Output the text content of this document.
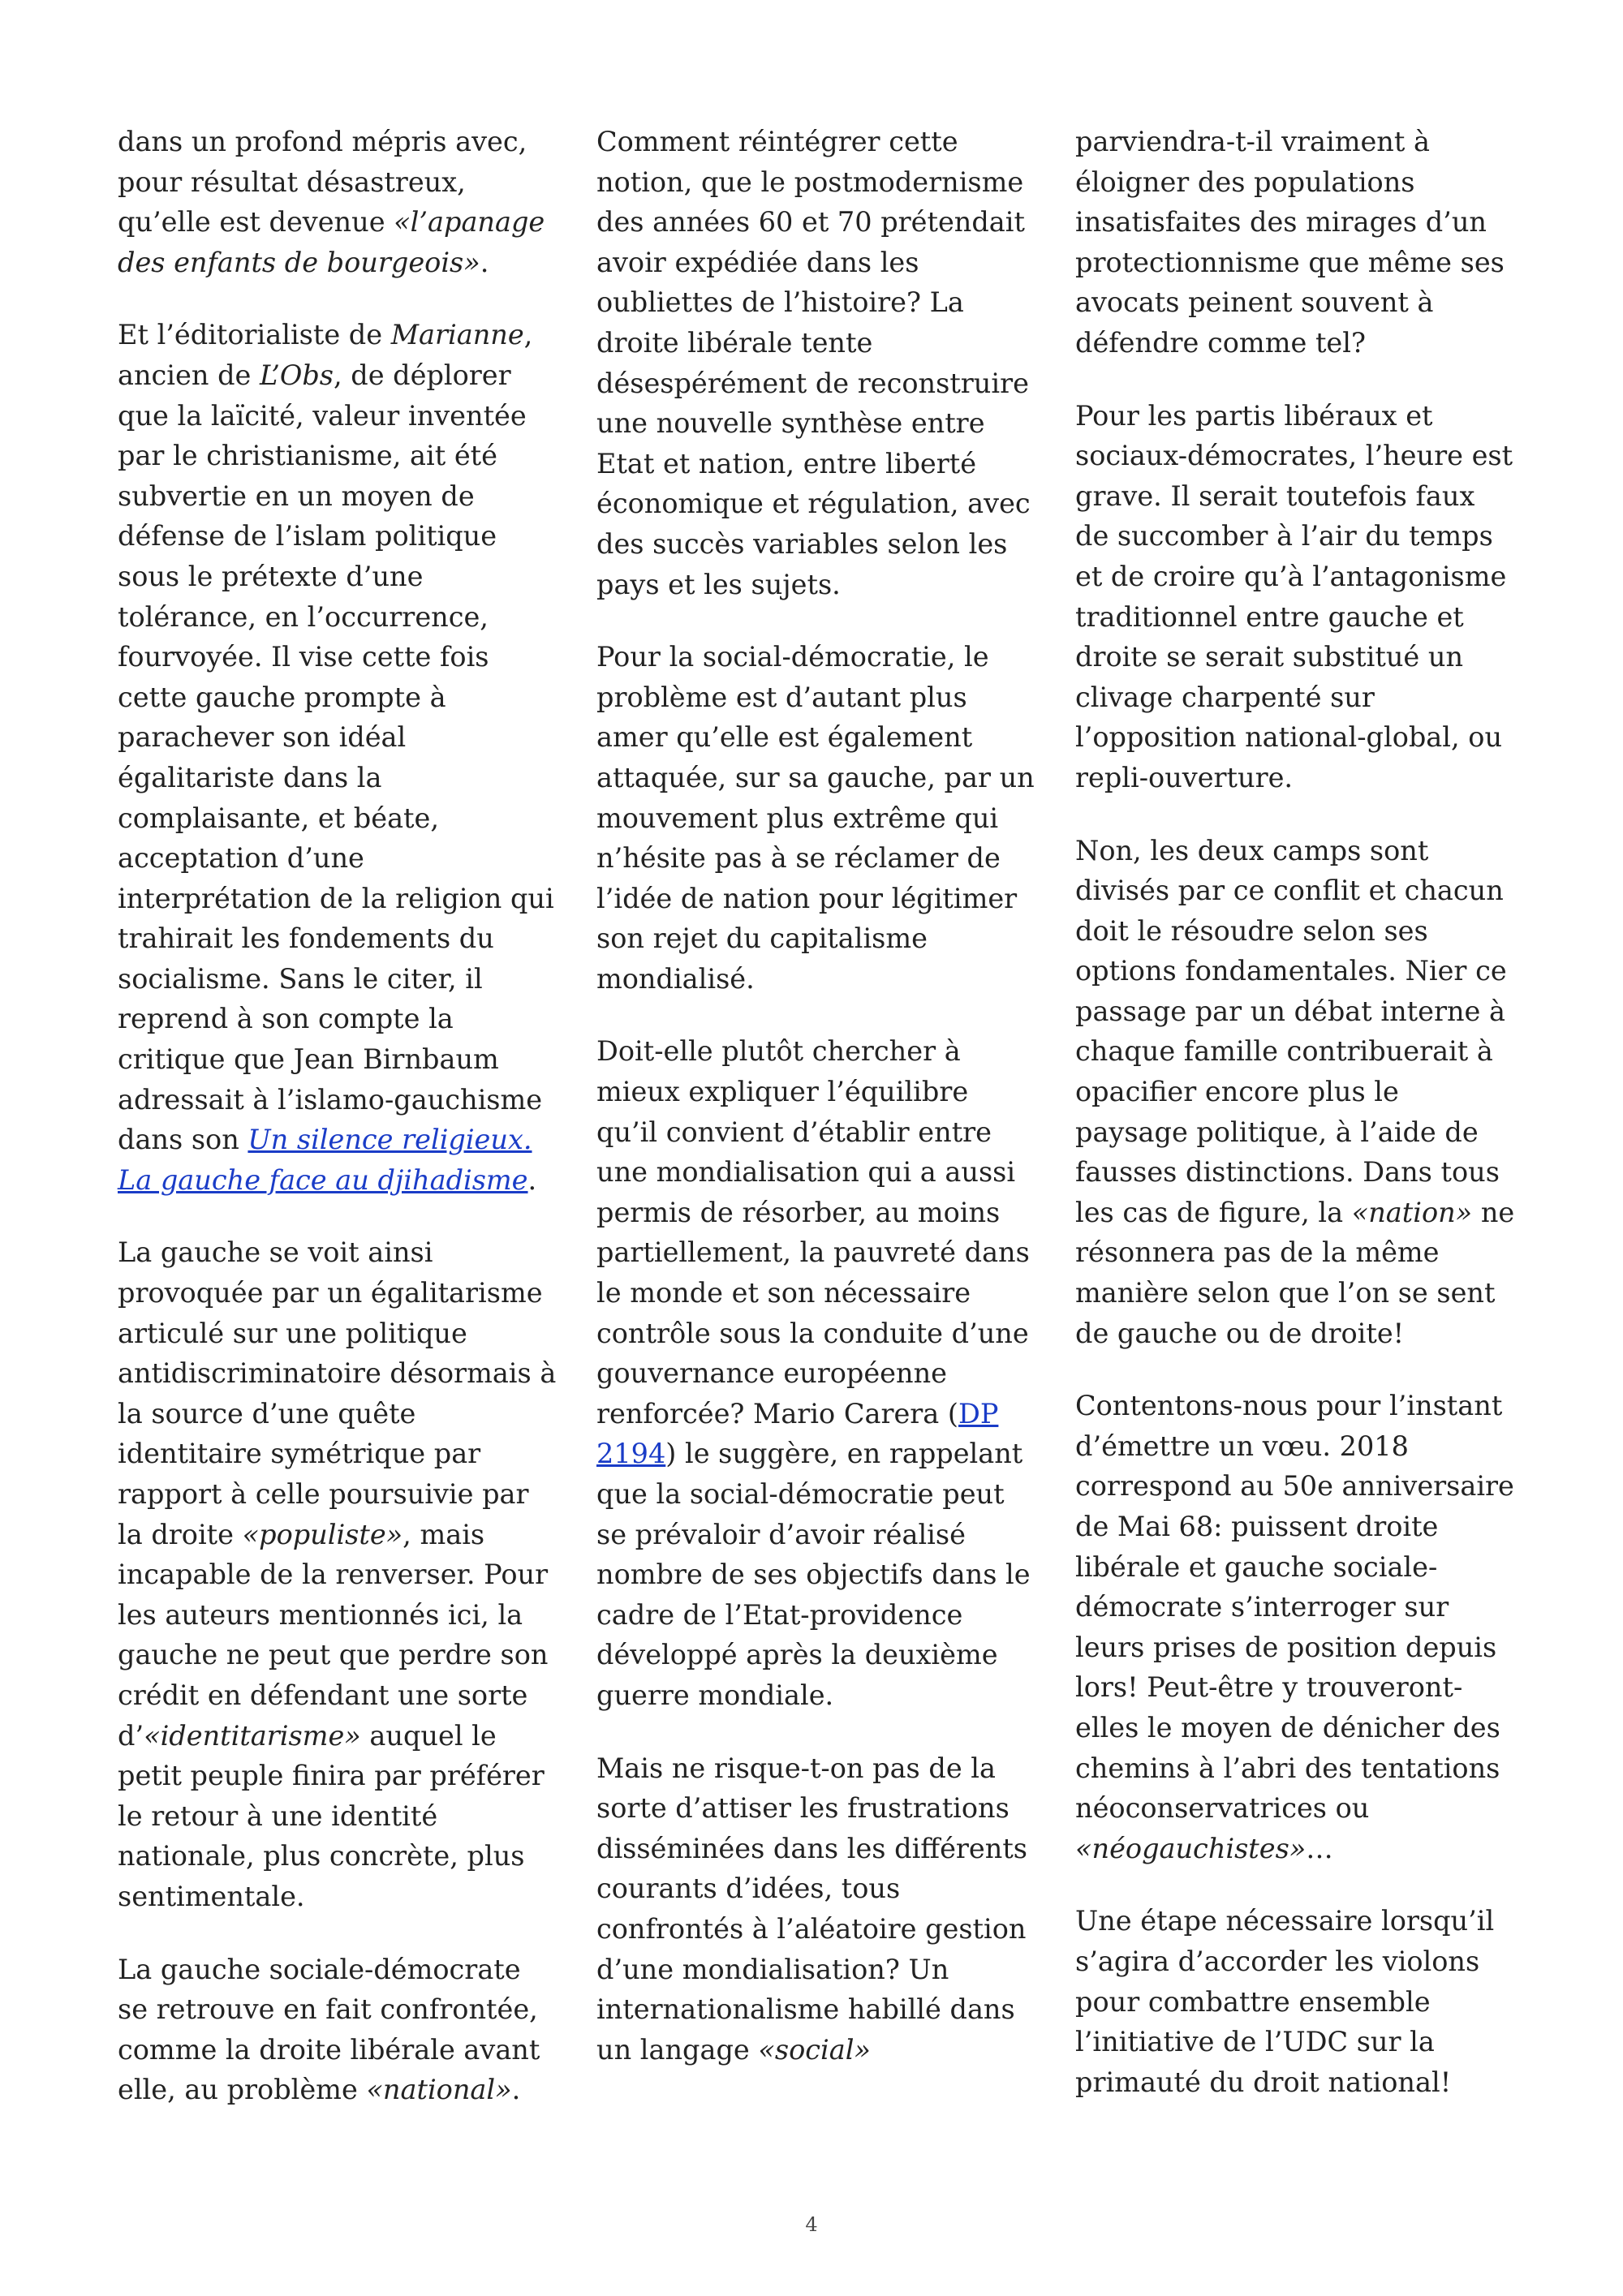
dans un profond mépris avec,
pour résultat désastreux,
qu’elle est devenue «l’apanage
des enfants de bourgeois».

Et l’éditorialiste de Marianne,
ancien de L’Obs, de déplorer
que la laïcité, valeur inventée
par le christianisme, ait été
subvertie en un moyen de
défense de l’islam politique
sous le prétexte d’une
tolérance, en l’occurrence,
fourvoyée. Il vise cette fois
cette gauche prompte à
parachever son idéal
égalitariste dans la
complaisante, et béate,
acceptation d’une
interprétation de la religion qui
trahirait les fondements du
socialisme. Sans le citer, il
reprend à son compte la
critique que Jean Birnbaum
adressait à l’islamo-gauchisme
dans son Un silence religieux.
La gauche face au djihadisme.

La gauche se voit ainsi
provoquée par un égalitarisme
articulé sur une politique
antidiscriminatoire désormais à
la source d’une quête
identitaire symétrique par
rapport à celle poursuivie par
la droite «populiste», mais
incapable de la renverser. Pour
les auteurs mentionnés ici, la
gauche ne peut que perdre son
crédit en défendant une sorte
d’«identitarisme» auquel le
petit peuple finira par préférer
le retour à une identité
nationale, plus concrète, plus
sentimentale.

La gauche sociale-démocrate
se retrouve en fait confrontée,
comme la droite libérale avant
elle, au problème «national».

Comment réintégrer cette
notion, que le postmodernisme
des années 60 et 70 prétendait
avoir expédiée dans les
oubliettes de l’histoire? La
droite libérale tente
désespérément de reconstruire
une nouvelle synthèse entre
Etat et nation, entre liberté
économique et régulation, avec
des succès variables selon les
pays et les sujets.

Pour la social-démocratie, le
problème est d’autant plus
amer qu’elle est également
attaquée, sur sa gauche, par un
mouvement plus extrême qui
n’hésite pas à se réclamer de
l’idée de nation pour légitimer
son rejet du capitalisme
mondialisé.

Doit-elle plutôt chercher à
mieux expliquer l’équilibre
qu’il convient d’établir entre
une mondialisation qui a aussi
permis de résorber, au moins
partiellement, la pauvreté dans
le monde et son nécessaire
contrôle sous la conduite d’une
gouvernance européenne
renforcée? Mario Carera (DP
2194) le suggère, en rappelant
que la social-démocratie peut
se prévaloir d’avoir réalisé
nombre de ses objectifs dans le
cadre de l’Etat-providence
développé après la deuxième
guerre mondiale.

Mais ne risque-t-on pas de la
sorte d’attiser les frustrations
disséminées dans les différents
courants d’idées, tous
confrontés à l’aléatoire gestion
d’une mondialisation? Un
internationalisme habillé dans
un langage «social»

parviendra-t-il vraiment à
éloigner des populations
insatisfaites des mirages d’un
protectionnisme que même ses
avocats peinent souvent à
défendre comme tel?

Pour les partis libéraux et
sociaux-démocrates, l’heure est
grave. Il serait toutefois faux
de succomber à l’air du temps
et de croire qu’à l’antagonisme
traditionnel entre gauche et
droite se serait substitué un
clivage charpenté sur
l’opposition national-global, ou
repli-ouverture.

Non, les deux camps sont
divisés par ce conflit et chacun
doit le résoudre selon ses
options fondamentales. Nier ce
passage par un débat interne à
chaque famille contribuerait à
opacifier encore plus le
paysage politique, à l’aide de
fausses distinctions. Dans tous
les cas de figure, la «nation» ne
résonnera pas de la même
manière selon que l’on se sent
de gauche ou de droite!

Contentons-nous pour l’instant
d’émettre un vœu. 2018
correspond au 50e anniversaire
de Mai 68: puissent droite
libérale et gauche sociale-
démocrate s’interroger sur
leurs prises de position depuis
lors! Peut-être y trouveront-
elles le moyen de dénicher des
chemins à l’abri des tentations
néoconservatrices ou
«néogauchistes»…

Une étape nécessaire lorsqu’il
s’agira d’accorder les violons
pour combattre ensemble
l’initiative de l’UDC sur la
primauté du droit national!

4
